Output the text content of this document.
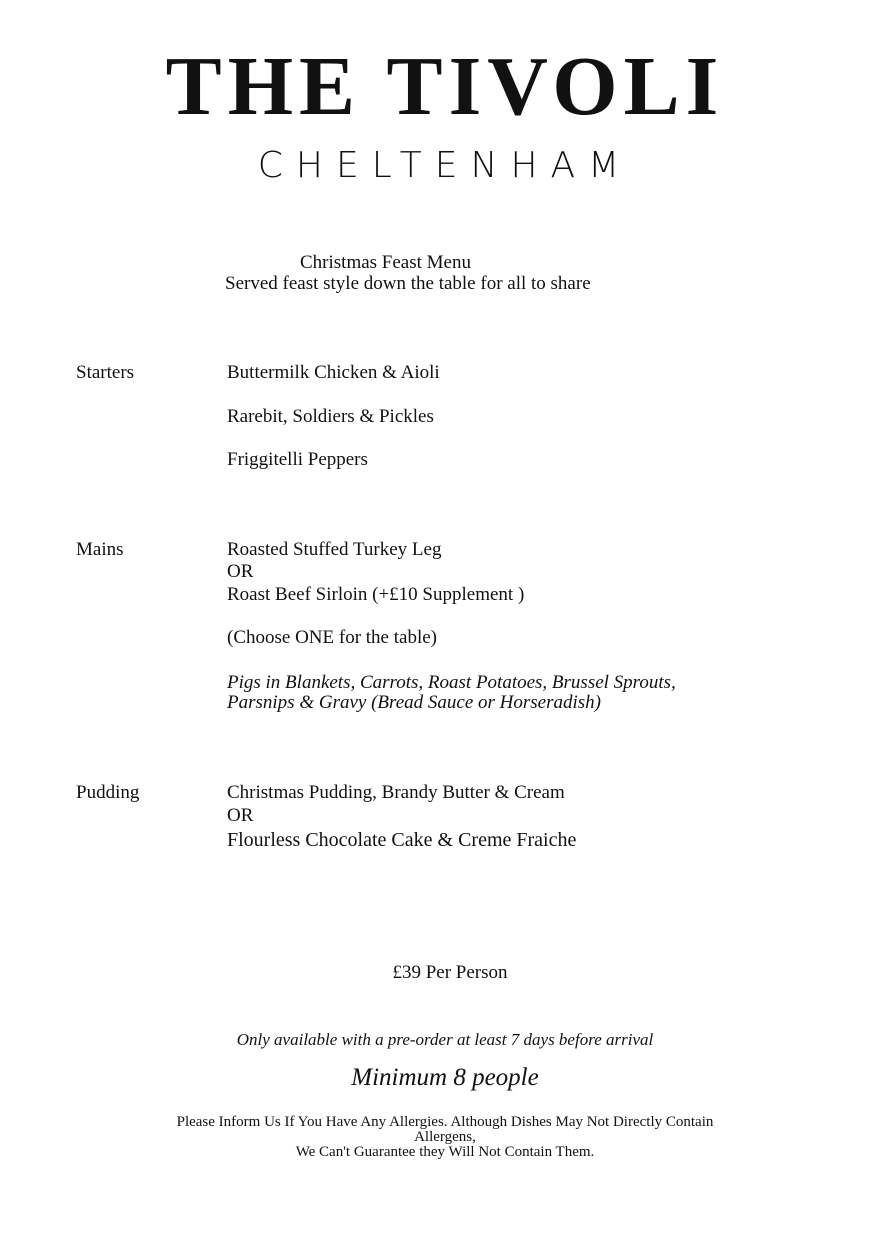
THE TIVOLI
CHELTENHAM
Christmas Feast Menu
Served feast style down the table for all to share
Starters	Buttermilk Chicken & Aioli
Rarebit, Soldiers & Pickles
Friggitelli Peppers
Mains	Roasted Stuffed Turkey Leg
OR
Roast Beef Sirloin (+£10 Supplement )
(Choose ONE for the table)
Pigs in Blankets, Carrots, Roast Potatoes, Brussel Sprouts,
Parsnips & Gravy (Bread Sauce or Horseradish)
Pudding	Christmas Pudding, Brandy Butter & Cream
OR
Flourless Chocolate Cake & Creme Fraiche
£39 Per Person
Only available with a pre-order at least 7 days before arrival
Minimum 8 people
Please Inform Us If You Have Any Allergies. Although Dishes May Not Directly Contain
Allergens,
We Can't Guarantee they Will Not Contain Them.
